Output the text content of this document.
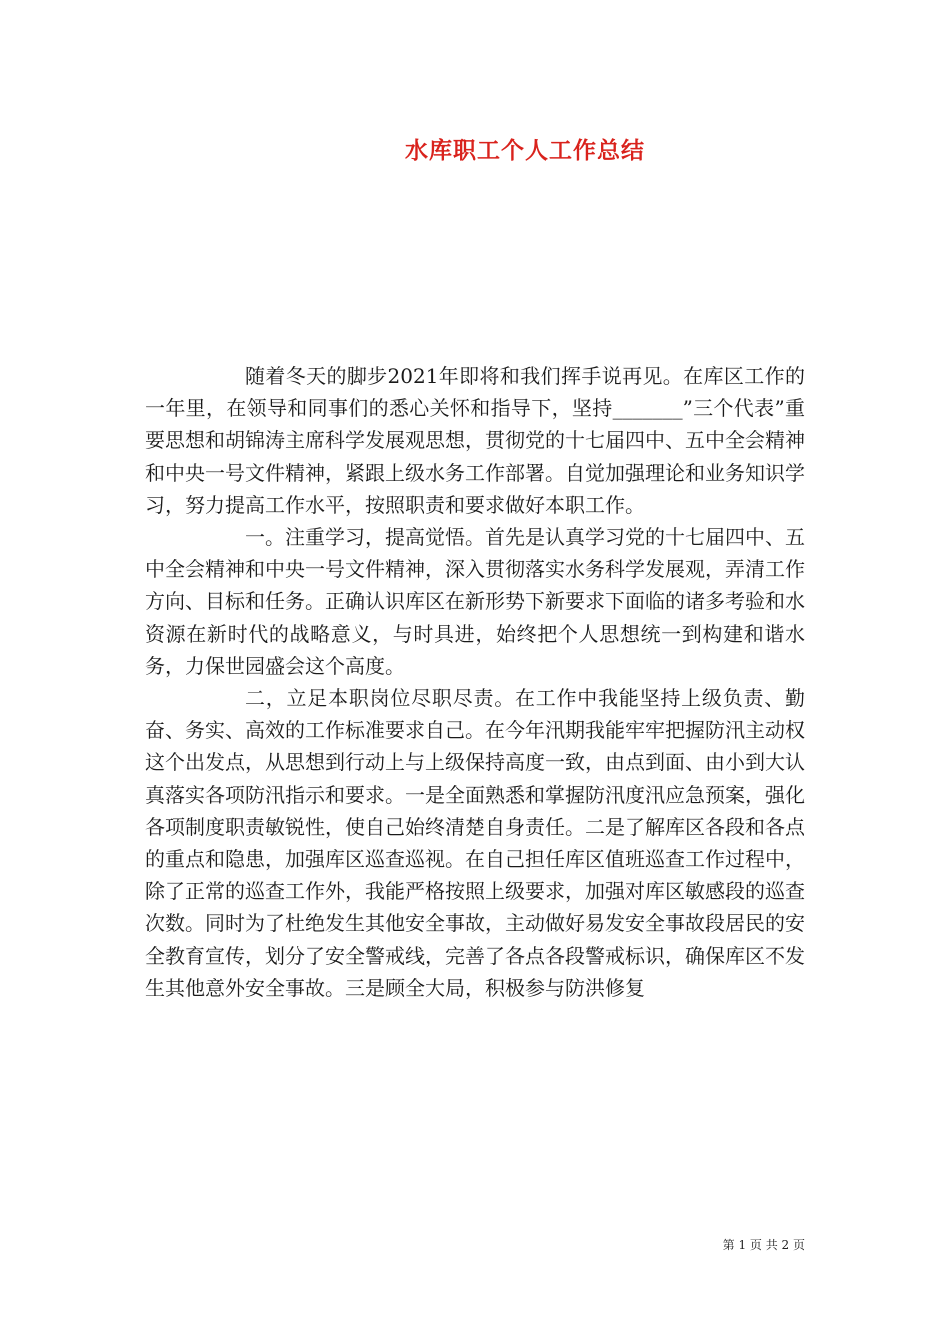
水库职工个人工作总结

随着冬天的脚步2021年即将和我们挥手说再见。在库区工作的一年里，在领导和同事们的悉心关怀和指导下，坚持_______”三个代表”重要思想和胡锦涛主席科学发展观思想，贯彻党的十七届四中、五中全会精神和中央一号文件精神，紧跟上级水务工作部署。自觉加强理论和业务知识学习，努力提高工作水平，按照职责和要求做好本职工作。

一。注重学习，提高觉悟。首先是认真学习党的十七届四中、五中全会精神和中央一号文件精神，深入贯彻落实水务科学发展观，弄清工作方向、目标和任务。正确认识库区在新形势下新要求下面临的诸多考验和水资源在新时代的战略意义，与时具进，始终把个人思想统一到构建和谐水务，力保世园盛会这个高度。

二，立足本职岗位尽职尽责。在工作中我能坚持上级负责、勤奋、务实、高效的工作标准要求自己。在今年汛期我能牢牢把握防汛主动权这个出发点，从思想到行动上与上级保持高度一致，由点到面、由小到大认真落实各项防汛指示和要求。一是全面熟悉和掌握防汛度汛应急预案，强化各项制度职责敏锐性，使自己始终清楚自身责任。二是了解库区各段和各点的重点和隐患，加强库区巡查巡视。在自己担任库区值班巡查工作过程中，除了正常的巡查工作外，我能严格按照上级要求，加强对库区敏感段的巡查次数。同时为了杜绝发生其他安全事故，主动做好易发安全事故段居民的安全教育宣传，划分了安全警戒线，完善了各点各段警戒标识，确保库区不发生其他意外安全事故。三是顾全大局，积极参与防洪修复

第 1 页 共 2 页
